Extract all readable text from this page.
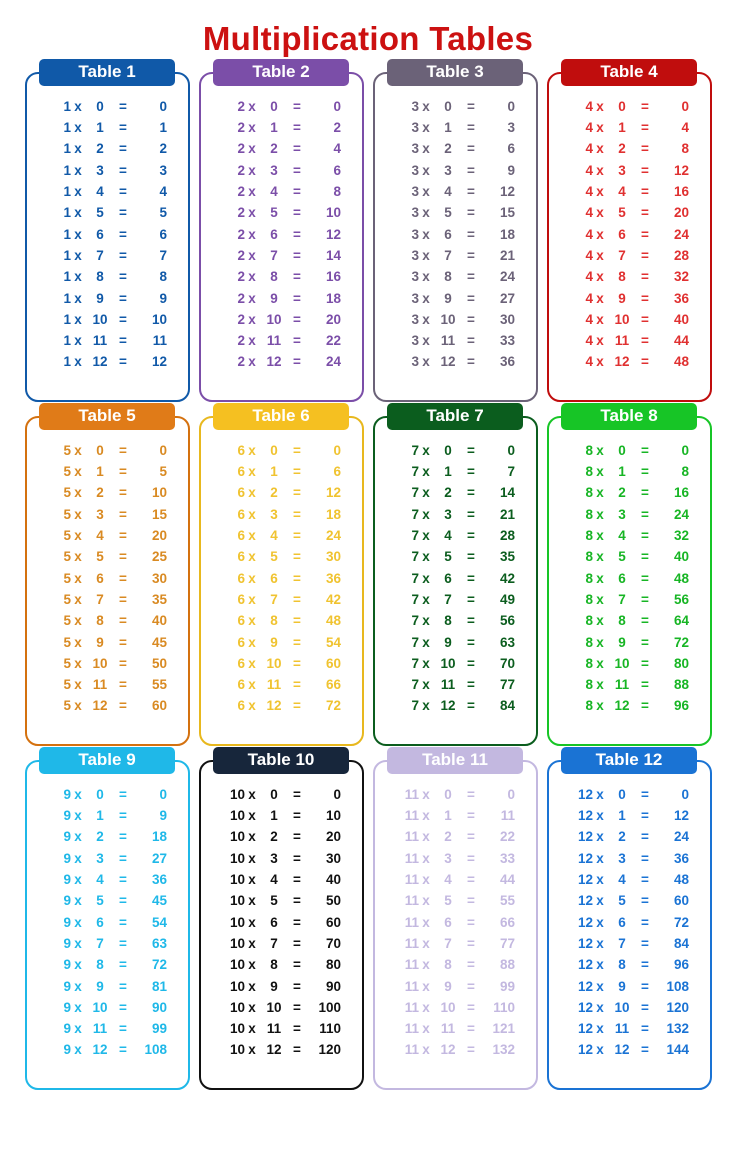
Multiplication Tables
Table 1
1 x	0	=	0
1 x	1	=	1
1 x	2	=	2
1 x	3	=	3
1 x	4	=	4
1 x	5	=	5
1 x	6	=	6
1 x	7	=	7
1 x	8	=	8
1 x	9	=	9
1 x 10 =	10
1 x 11 =	11
1 x 12 =	12
Table 2
2 x	0	=	0
2 x	1	=	2
2 x	2	=	4
2 x	3	=	6
2 x	4	=	8
2 x	5	=	10
2 x	6	=	12
2 x	7	=	14
2 x	8	=	16
2 x	9	=	18
2 x 10 =	20
2 x 11 =	22
2 x 12 =	24
Table 3
3 x	0	=	0
3 x	1	=	3
3 x	2	=	6
3 x	3	=	9
3 x	4	=	12
3 x	5	=	15
3 x	6	=	18
3 x	7	=	21
3 x	8	=	24
3 x	9	=	27
3 x 10 =	30
3 x 11 =	33
3 x 12 =	36
Table 4
4 x	0	=	0
4 x	1	=	4
4 x	2	=	8
4 x	3	=	12
4 x	4	=	16
4 x	5	=	20
4 x	6	=	24
4 x	7	=	28
4 x	8	=	32
4 x	9	=	36
4 x 10 =	40
4 x 11 =	44
4 x 12 =	48
Table 5
5 x	0	=	0
5 x	1	=	5
5 x	2	=	10
5 x	3	=	15
5 x	4	=	20
5 x	5	=	25
5 x	6	=	30
5 x	7	=	35
5 x	8	=	40
5 x	9	=	45
5 x 10 =	50
5 x 11 =	55
5 x 12 =	60
Table 6
6 x	0	=	0
6 x	1	=	6
6 x	2	=	12
6 x	3	=	18
6 x	4	=	24
6 x	5	=	30
6 x	6	=	36
6 x	7	=	42
6 x	8	=	48
6 x	9	=	54
6 x 10 =	60
6 x 11 =	66
6 x 12 =	72
Table 7
7 x	0	=	0
7 x	1	=	7
7 x	2	=	14
7 x	3	=	21
7 x	4	=	28
7 x	5	=	35
7 x	6	=	42
7 x	7	=	49
7 x	8	=	56
7 x	9	=	63
7 x 10 =	70
7 x 11 =	77
7 x 12 =	84
Table 8
8 x	0	=	0
8 x	1	=	8
8 x	2	=	16
8 x	3	=	24
8 x	4	=	32
8 x	5	=	40
8 x	6	=	48
8 x	7	=	56
8 x	8	=	64
8 x	9	=	72
8 x 10 =	80
8 x 11 =	88
8 x 12 =	96
Table 9
9 x	0	=	0
9 x	1	=	9
9 x	2	=	18
9 x	3	=	27
9 x	4	=	36
9 x	5	=	45
9 x	6	=	54
9 x	7	=	63
9 x	8	=	72
9 x	9	=	81
9 x 10 =	90
9 x 11 =	99
9 x 12 =	108
Table 10
10 x	0	=	0
10 x	1	=	10
10 x	2	=	20
10 x	3	=	30
10 x	4	=	40
10 x	5	=	50
10 x	6	=	60
10 x	7	=	70
10 x	8	=	80
10 x	9	=	90
10 x 10 =	100
10 x 11 =	110
10 x 12 =	120
Table 11
11 x	0	=	0
11 x	1	=	11
11 x	2	=	22
11 x	3	=	33
11 x	4	=	44
11 x	5	=	55
11 x	6	=	66
11 x	7	=	77
11 x	8	=	88
11 x	9	=	99
11 x 10 =	110
11 x 11 =	121
11 x 12 =	132
Table 12
12 x	0	=	0
12 x	1	=	12
12 x	2	=	24
12 x	3	=	36
12 x	4	=	48
12 x	5	=	60
12 x	6	=	72
12 x	7	=	84
12 x	8	=	96
12 x	9	=	108
12 x 10 =	120
12 x 11 =	132
12 x 12 =	144
